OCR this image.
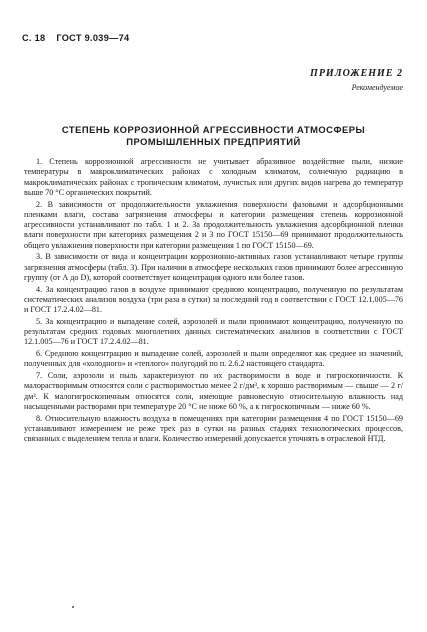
С. 18 ГОСТ 9.039—74
ПРИЛОЖЕНИЕ 2
Рекомендуемое
СТЕПЕНЬ КОРРОЗИОННОЙ АГРЕССИВНОСТИ АТМОСФЕРЫ
ПРОМЫШЛЕННЫХ ПРЕДПРИЯТИЙ

1. Степень коррозионной агрессивности не учитывает абразивное воздействие пыли, низкие температуры в макроклиматических районах с холодным климатом, солнечную радиацию в макроклиматических районах с тропическим климатом, лучистых или других видов нагрева до температур выше 70 °С органических покрытий.

2. В зависимости от продолжительности увлажнения поверхности фазовыми и адсорбционными пленками влаги, состава загрязнения атмосферы и категории размещения степень коррозионной агрессивности устанавливают по табл. 1 и 2. За продолжительность увлажнения адсорбционной пленки влаги поверхности при категориях размещения 2 и 3 по ГОСТ 15150—69 принимают продолжительность общего увлажнения поверхности при категории размещения 1 по ГОСТ 15150—69.

3. В зависимости от вида и концентрации коррозионно-активных газов устанавливают четыре группы загрязнения атмосферы (табл. 3). При наличии в атмосфере нескольких газов принимают более агрессивную группу (от А до D), которой соответствует концентрация одного или более газов.

4. За концентрацию газов в воздухе принимают среднюю концентрацию, полученную по результатам систематических анализов воздуха (три раза в сутки) за последний год в соответствии с ГОСТ 12.1.005—76 и ГОСТ 17.2.4.02—81.

5. За концентрацию и выпадение солей, аэрозолей и пыли принимают концентрацию, полученную по результатам средних годовых многолетних данных систематических анализов в соответствии с ГОСТ 12.1.005—76 и ГОСТ 17.2.4.02—81.

6. Среднюю концентрацию и выпадение солей, аэрозолей и пыли определяют как среднее из значений, полученных для «холодного» и «теплого» полугодий по п. 2.6.2 настоящего стандарта.

7. Соли, аэрозоли и пыль характеризуют по их растворимости в воде и гигроскопичности. К малорастворимым относятся соли с растворимостью менее 2 г/дм³, к хорошо растворимым — свыше — 2 г/дм³. К малогигроскопичным относятся соли, имеющие равновесную относительную влажность над насыщенными растворами при температуре 20 °С не ниже 60 %, а к гигроскопичным — ниже 60 %.

8. Относительную влажность воздуха в помещениях при категории размещения 4 по ГОСТ 15150—69 устанавливают измерением не реже трех раз в сутки на разных стадиях технологических процессов, связанных с выделением тепла и влаги. Количество измерений допускается уточнять в отраслевой НТД.
